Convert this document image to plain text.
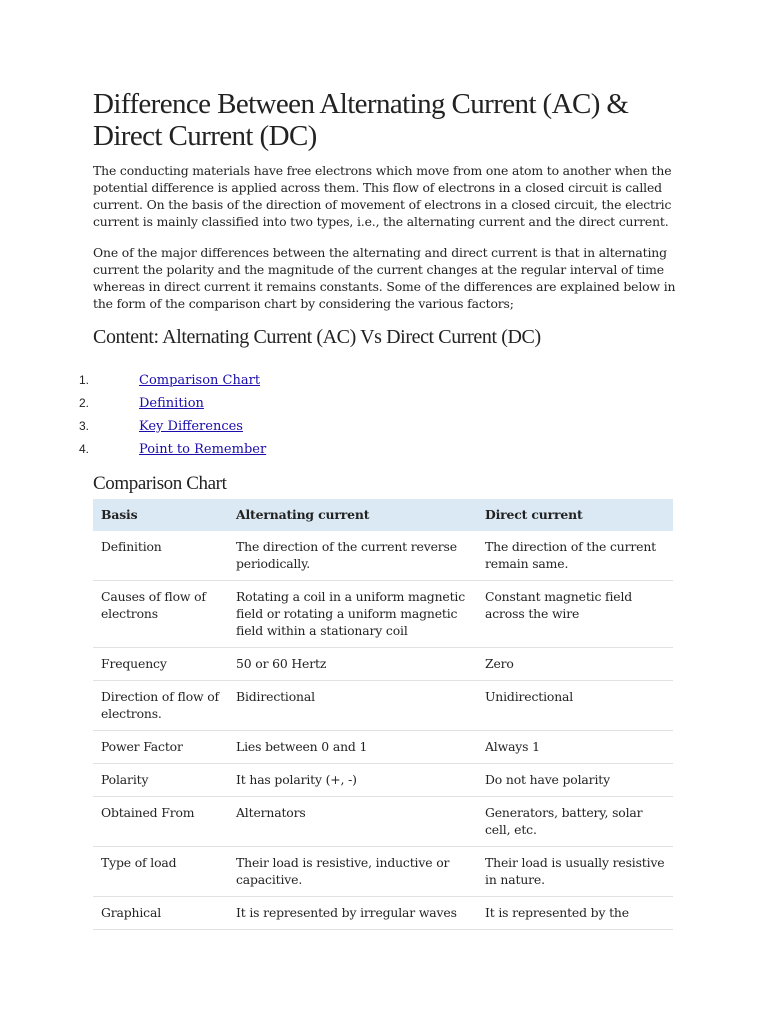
Difference Between Alternating Current (AC) & Direct Current (DC)

The conducting materials have free electrons which move from one atom to another when the potential difference is applied across them. This flow of electrons in a closed circuit is called current. On the basis of the direction of movement of electrons in a closed circuit, the electric current is mainly classified into two types, i.e., the alternating current and the direct current.

One of the major differences between the alternating and direct current is that in alternating current the polarity and the magnitude of the current changes at the regular interval of time whereas in direct current it remains constants. Some of the differences are explained below in the form of the comparison chart by considering the various factors;

Content: Alternating Current (AC) Vs Direct Current (DC)
1.	Comparison Chart
2.	Definition
3.	Key Differences
4.	Point to Remember
Comparison Chart
Basis	Alternating current	Direct current
Definition	The direction of the current reverse periodically.	The direction of the current remain same.
Causes of flow of electrons	Rotating a coil in a uniform magnetic field or rotating a uniform magnetic field within a stationary coil	Constant magnetic field across the wire
Frequency	50 or 60 Hertz	Zero
Direction of flow of electrons.	Bidirectional	Unidirectional
Power Factor	Lies between 0 and 1	Always 1
Polarity	It has polarity (+, -)	Do not have polarity
Obtained From	Alternators	Generators, battery, solar cell, etc.
Type of load	Their load is resistive, inductive or capacitive.	Their load is usually resistive in nature.
Graphical	It is represented by irregular waves	It is represented by the
